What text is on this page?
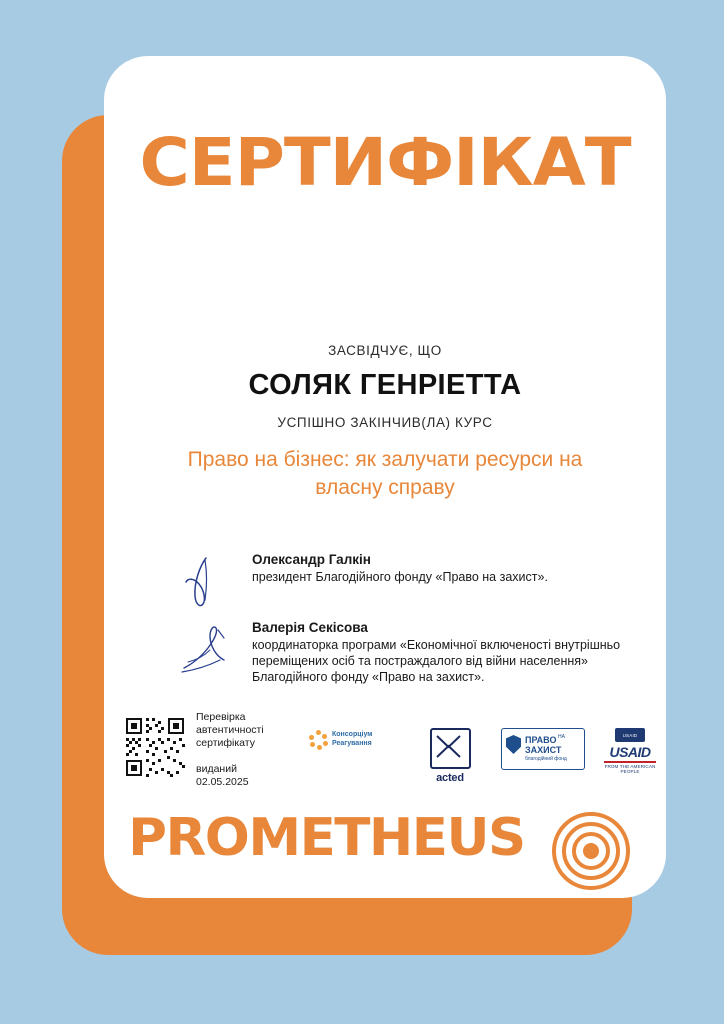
СЕРТИФІКАТ
ЗАСВІДЧУЄ, ЩО
СОЛЯК ГЕНРІЕТТА
УСПІШНО ЗАКІНЧИВ(ЛА) КУРС
Право на бізнес: як залучати ресурси на власну справу
Олександр Галкін
президент Благодійного фонду «Право на захист».
Валерія Секісова
координаторка програми «Економічної включеності внутрішньо переміщених осіб та постраждалого від війни населення» Благодійного фонду «Право на захист».
Перевірка автентичності сертифікату
виданий
02.05.2025
Консорціум
Реагування
acted
ПРАВО НА
ЗАХИСТ
благодійний фонд
USAID
USAID
FROM THE AMERICAN PEOPLE
PROMETHEUS
